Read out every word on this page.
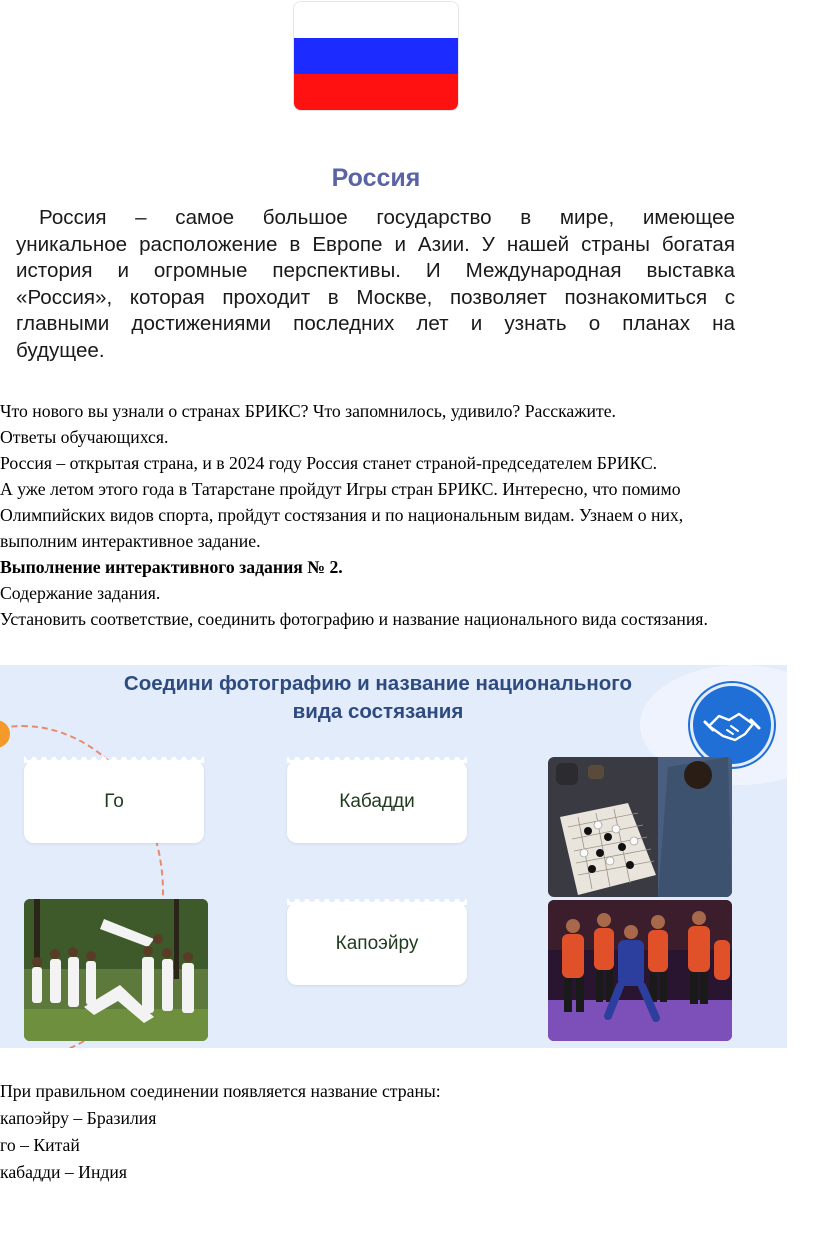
Россия

Россия – самое большое государство в мире, имеющее

уникальное расположение в Европе и Азии. У нашей страны богатая

история и огромные перспективы. И Международная выставка

«Россия», которая проходит в Москве, позволяет познакомиться с

главными достижениями последних лет и узнать о планах на

будущее.

Что нового вы узнали о странах БРИКС? Что запомнилось, удивило? Расскажите.

Ответы обучающихся.

Россия – открытая страна, и в 2024 году Россия станет страной-председателем БРИКС.

А уже летом этого года в Татарстане пройдут Игры стран БРИКС. Интересно, что помимо

Олимпийских видов спорта, пройдут состязания и по национальным видам. Узнаем о них,

выполним интерактивное задание.

Выполнение интерактивного задания № 2.

Содержание задания.

Установить соответствие, соединить фотографию и название национального вида состязания.

Соедини фотографию и название национального
вида состязания
Го	Кабадди
Капоэйру

При правильном соединении появляется название страны:

капоэйру – Бразилия

го – Китай

кабадди – Индия
